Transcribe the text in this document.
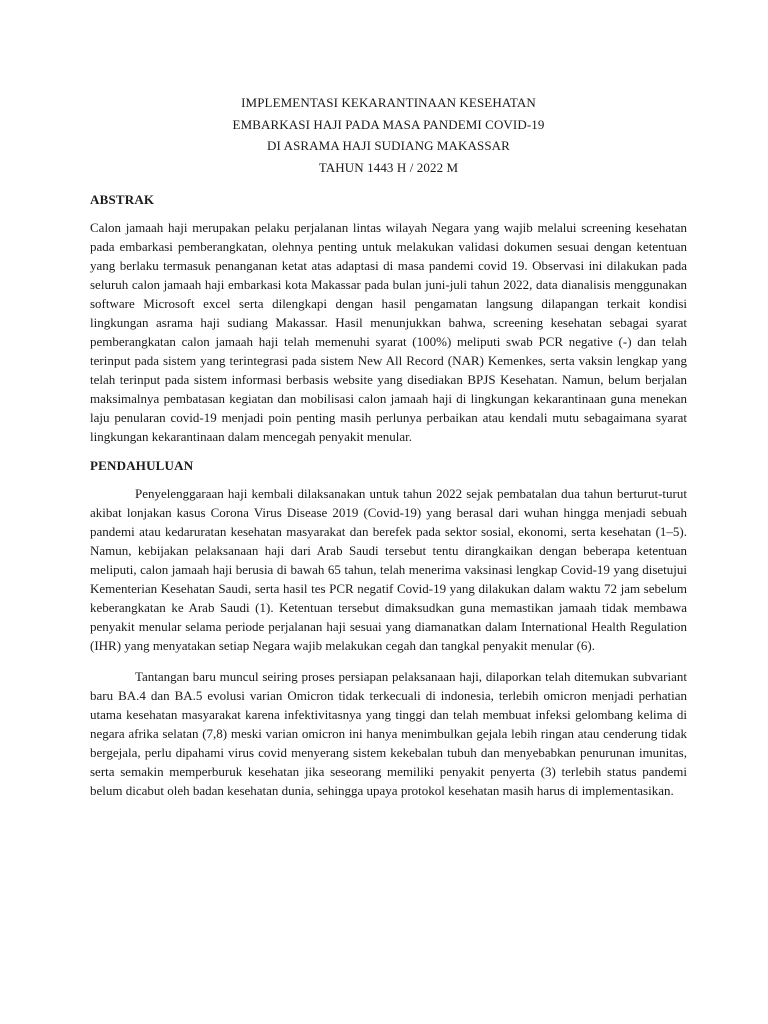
IMPLEMENTASI KEKARANTINAAN KESEHATAN
EMBARKASI HAJI PADA MASA PANDEMI COVID-19
DI ASRAMA HAJI SUDIANG MAKASSAR
TAHUN 1443 H / 2022 M
ABSTRAK

Calon jamaah haji merupakan pelaku perjalanan lintas wilayah Negara yang wajib melalui screening kesehatan pada embarkasi pemberangkatan, olehnya penting untuk melakukan validasi dokumen sesuai dengan ketentuan yang berlaku termasuk penanganan ketat atas adaptasi di masa pandemi covid 19. Observasi ini dilakukan pada seluruh calon jamaah haji embarkasi kota Makassar pada bulan juni-juli tahun 2022, data dianalisis menggunakan software Microsoft excel serta dilengkapi dengan hasil pengamatan langsung dilapangan terkait kondisi lingkungan asrama haji sudiang Makassar. Hasil menunjukkan bahwa, screening kesehatan sebagai syarat pemberangkatan calon jamaah haji telah memenuhi syarat (100%) meliputi swab PCR negative (-) dan telah terinput pada sistem yang terintegrasi pada sistem New All Record (NAR) Kemenkes, serta vaksin lengkap yang telah terinput pada sistem informasi berbasis website yang disediakan BPJS Kesehatan. Namun, belum berjalan maksimalnya pembatasan kegiatan dan mobilisasi calon jamaah haji di lingkungan kekarantinaan guna menekan laju penularan covid-19 menjadi poin penting masih perlunya perbaikan atau kendali mutu sebagaimana syarat lingkungan kekarantinaan dalam mencegah penyakit menular.

PENDAHULUAN

Penyelenggaraan haji kembali dilaksanakan untuk tahun 2022 sejak pembatalan dua tahun berturut-turut akibat lonjakan kasus Corona Virus Disease 2019 (Covid-19) yang berasal dari wuhan hingga menjadi sebuah pandemi atau kedaruratan kesehatan masyarakat dan berefek pada sektor sosial, ekonomi, serta kesehatan (1–5). Namun, kebijakan pelaksanaan haji dari Arab Saudi tersebut tentu dirangkaikan dengan beberapa ketentuan meliputi, calon jamaah haji berusia di bawah 65 tahun, telah menerima vaksinasi lengkap Covid-19 yang disetujui Kementerian Kesehatan Saudi, serta hasil tes PCR negatif Covid-19 yang dilakukan dalam waktu 72 jam sebelum keberangkatan ke Arab Saudi (1). Ketentuan tersebut dimaksudkan guna memastikan jamaah tidak membawa penyakit menular selama periode perjalanan haji sesuai yang diamanatkan dalam International Health Regulation (IHR) yang menyatakan setiap Negara wajib melakukan cegah dan tangkal penyakit menular (6).

Tantangan baru muncul seiring proses persiapan pelaksanaan haji, dilaporkan telah ditemukan subvariant baru BA.4 dan BA.5 evolusi varian Omicron tidak terkecuali di indonesia, terlebih omicron menjadi perhatian utama kesehatan masyarakat karena infektivitasnya yang tinggi dan telah membuat infeksi gelombang kelima di negara afrika selatan (7,8) meski varian omicron ini hanya menimbulkan gejala lebih ringan atau cenderung tidak bergejala, perlu dipahami virus covid menyerang sistem kekebalan tubuh dan menyebabkan penurunan imunitas, serta semakin memperburuk kesehatan jika seseorang memiliki penyakit penyerta (3) terlebih status pandemi belum dicabut oleh badan kesehatan dunia, sehingga upaya protokol kesehatan masih harus di implementasikan.
